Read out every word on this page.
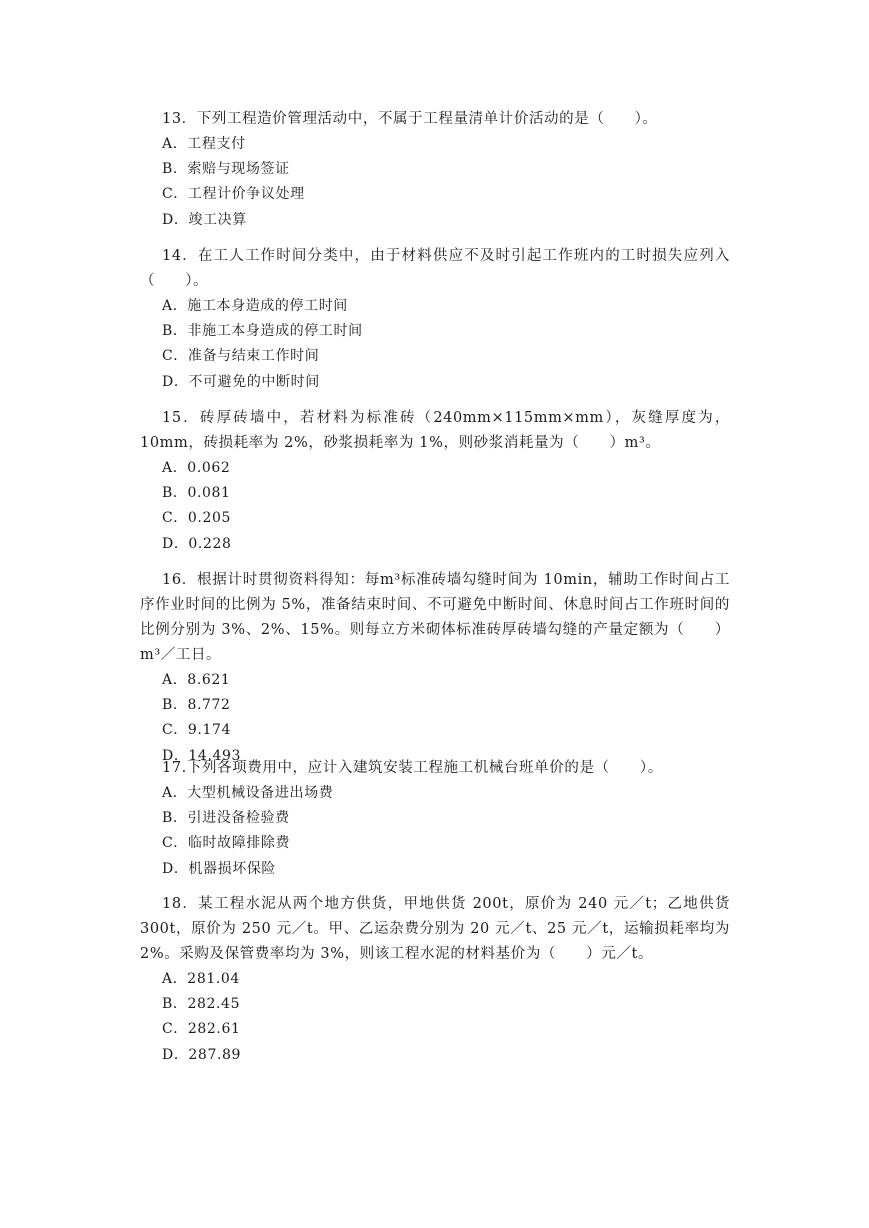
13．下列工程造价管理活动中，不属于工程量清单计价活动的是（　　）。

A．工程支付

B．索赔与现场签证

C．工程计价争议处理

D．竣工决算

14．在工人工作时间分类中，由于材料供应不及时引起工作班内的工时损失应列入（　　）。

A．施工本身造成的停工时间

B．非施工本身造成的停工时间

C．准备与结束工作时间

D．不可避免的中断时间

15．砖厚砖墙中，若材料为标准砖（240mm×115mm×mm），灰缝厚度为，10mm，砖损耗率为 2%，砂浆损耗率为 1%，则砂浆消耗量为（　　）m³。

A．0.062

B．0.081

C．0.205

D．0.228

16．根据计时贯彻资料得知：每m³标准砖墙勾缝时间为 10min，辅助工作时间占工序作业时间的比例为 5%，准备结束时间、不可避免中断时间、休息时间占工作班时间的比例分别为 3%、2%、15%。则每立方米砌体标准砖厚砖墙勾缝的产量定额为（　　）m³／工日。

A．8.621

B．8.772

C．9.174

D．14.493

17.下列各项费用中，应计入建筑安装工程施工机械台班单价的是（　　）。

A．大型机械设备进出场费

B．引进没备检验费

C．临时故障排除费

D．机器损坏保险

18．某工程水泥从两个地方供货，甲地供货 200t，原价为 240 元／t；乙地供货 300t，原价为 250 元／t。甲、乙运杂费分别为 20 元／t、25 元／t，运输损耗率均为 2%。采购及保管费率均为 3%，则该工程水泥的材料基价为（　　）元／t。

A．281.04

B．282.45

C．282.61

D．287.89
